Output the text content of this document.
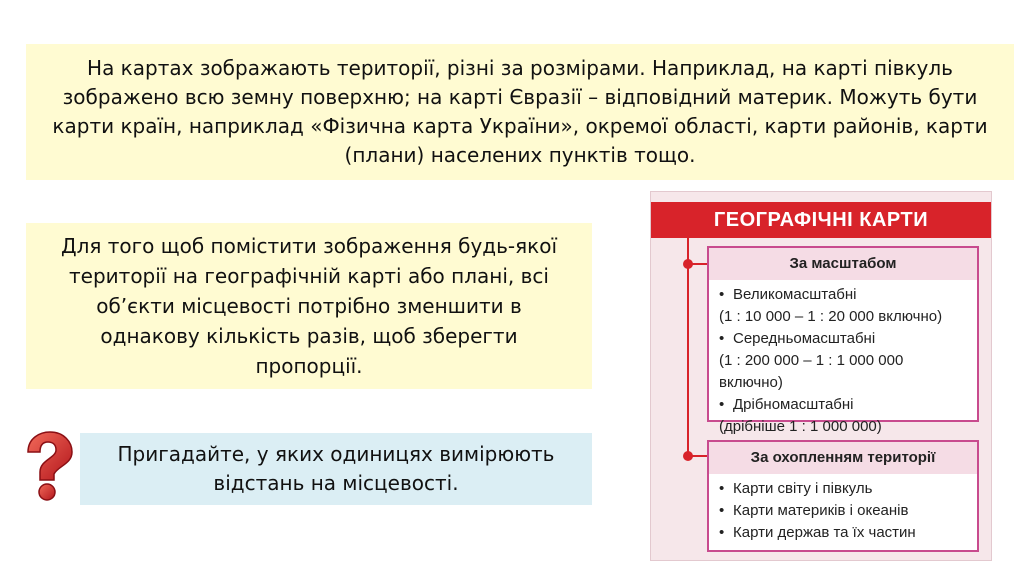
На картах зображають території, різні за розмірами. Наприклад, на карті півкуль зображено всю земну поверхню; на карті Євразії – відповідний материк. Можуть бути карти країн, наприклад «Фізична карта України», окремої області, карти районів, карти (плани) населених пунктів тощо.

Для того щоб помістити зображення будь-якої території на географічній карті або плані, всі об’єкти місцевості потрібно зменшити в однакову кількість разів, щоб зберегти пропорції.

Пригадайте, у яких одиницях вимірюють відстань на місцевості.

ГЕОГРАФІЧНІ КАРТИ
За масштабом
• Великомасштабні
(1 : 10 000 – 1 : 20 000 включно)
• Середньомасштабні
(1 : 200 000 – 1 : 1 000 000 включно)
• Дрібномасштабні
(дрібніше 1 : 1 000 000)
За охопленням території
• Карти світу і півкуль
• Карти материків і океанів
• Карти держав та їх частин
